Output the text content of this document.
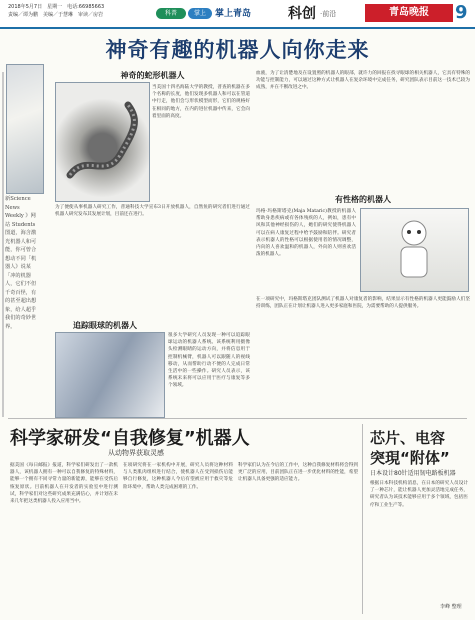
2018年5月7日　星期一　电话:66985663
责编／谭为鹏　美编／于慧琳　审读／房岩	科普	掌上	掌上青岛	科创 ·前沿	青岛晚报	9
神奇有趣的机器人向你走来
新Science News Weekly 》网站 Students 图道，海含激光机器人和可能，你可曾合想动不同「机器人》说某「冲的机器人，它们不但千奇百怪，有的甚至超出想象，给人超乎我们的奇妙世界。
神奇的蛇形机器人
当美国十四名海陆大学的教授，普查的机器在多个名称的长度，他们发现多机器人和可以在管道中行走，他们会与形状模型而形，它们的规格好在相同的地方，在内的进位机器中传来，它会向着里面的高度。
为了便使从事机器人研究工作，普通科技大学宣布3日开放机器人，自然鱼的研究者们进行通过机器人研究发布其发展计划，目前还在进行。
追踪眼球的机器人
很多大学研究人员发现一种可以追踪眼球运动的机器人系统。该系统利用摄像头检测眼睛的运动方向，并将信息用于控制机械臂，机器人可以跟随人的视线移动，从而帮助行动不便的人完成日常生活中的一些操作。研究人员表示，该系统未来将可以应用于医疗与康复等多个领域。
血液，为了让清楚地及在设置照的机器人的眼部，就许力的回报在找寻眼球的相关机器人，它具有特殊的功能与控制能力，可以通过这种方式让机器人在复杂环境中完成任务，研究团队表示目前这一技术已较为成熟，并在不断改进之中。
有性格的机器人
玛格·玛格斯塔克(Maja Mataric)教授的机器人帮助身患疾病或有各体残疾的人，例如，患有中风和其他神经损伤的人，她们的研究使得机器人可以在病人康复过程中给予鼓励和陪伴。研究者表示机器人的性格可以根据使用者的情况调整，内向的人喜欢温和的机器人，外向的人则喜欢活泼的机器人。
在一项研究中，玛格斯塔克团队测试了机器人对康复者的影响，结果显示有性格的机器人更能鼓励人们坚持训练，团队正在计划让机器人进入更多家庭和医院，为需要帮助的人提供服务。
科学家研发“自我修复”机器人
从动物界获取灵感
据美国《每日邮报》报道，科学家们研发出了一款机器人，该机器人拥有一种可以自我修复的特殊材料，能够一个拥有不同寻常力量的新能源，能够在受伤后恢复原状。目前机器人在开发者的实验室中进行测试，科学家们对这些研究成果充满信心，并计划在未来几年把这类机器人投入应用当中。
在项研究将在一家机构中开展，研究人员将这种材料与人类肌肉组织进行结合，使机器人在受到损伤后能够自行修复，这种机器人今后有望被应用于救灾等危险环境中，帮助人类完成困难的工作。
科学家们认为在今后的工作中，这种自我修复材料将会得到更广泛的应用，目前团队正在进一步优化材料的性能，希望让机器人具备更强的适应能力。
芯片、电容
突現“附体”
日本设计80针适用韧电路板机器
根据日本科技机构消息，在日本的研究人员设计了一种芯片，能让机器人更加灵活地完成任务，研究者认为该技术能够应用于多个领域，包括医疗和工业生产等。
李峰 整理
